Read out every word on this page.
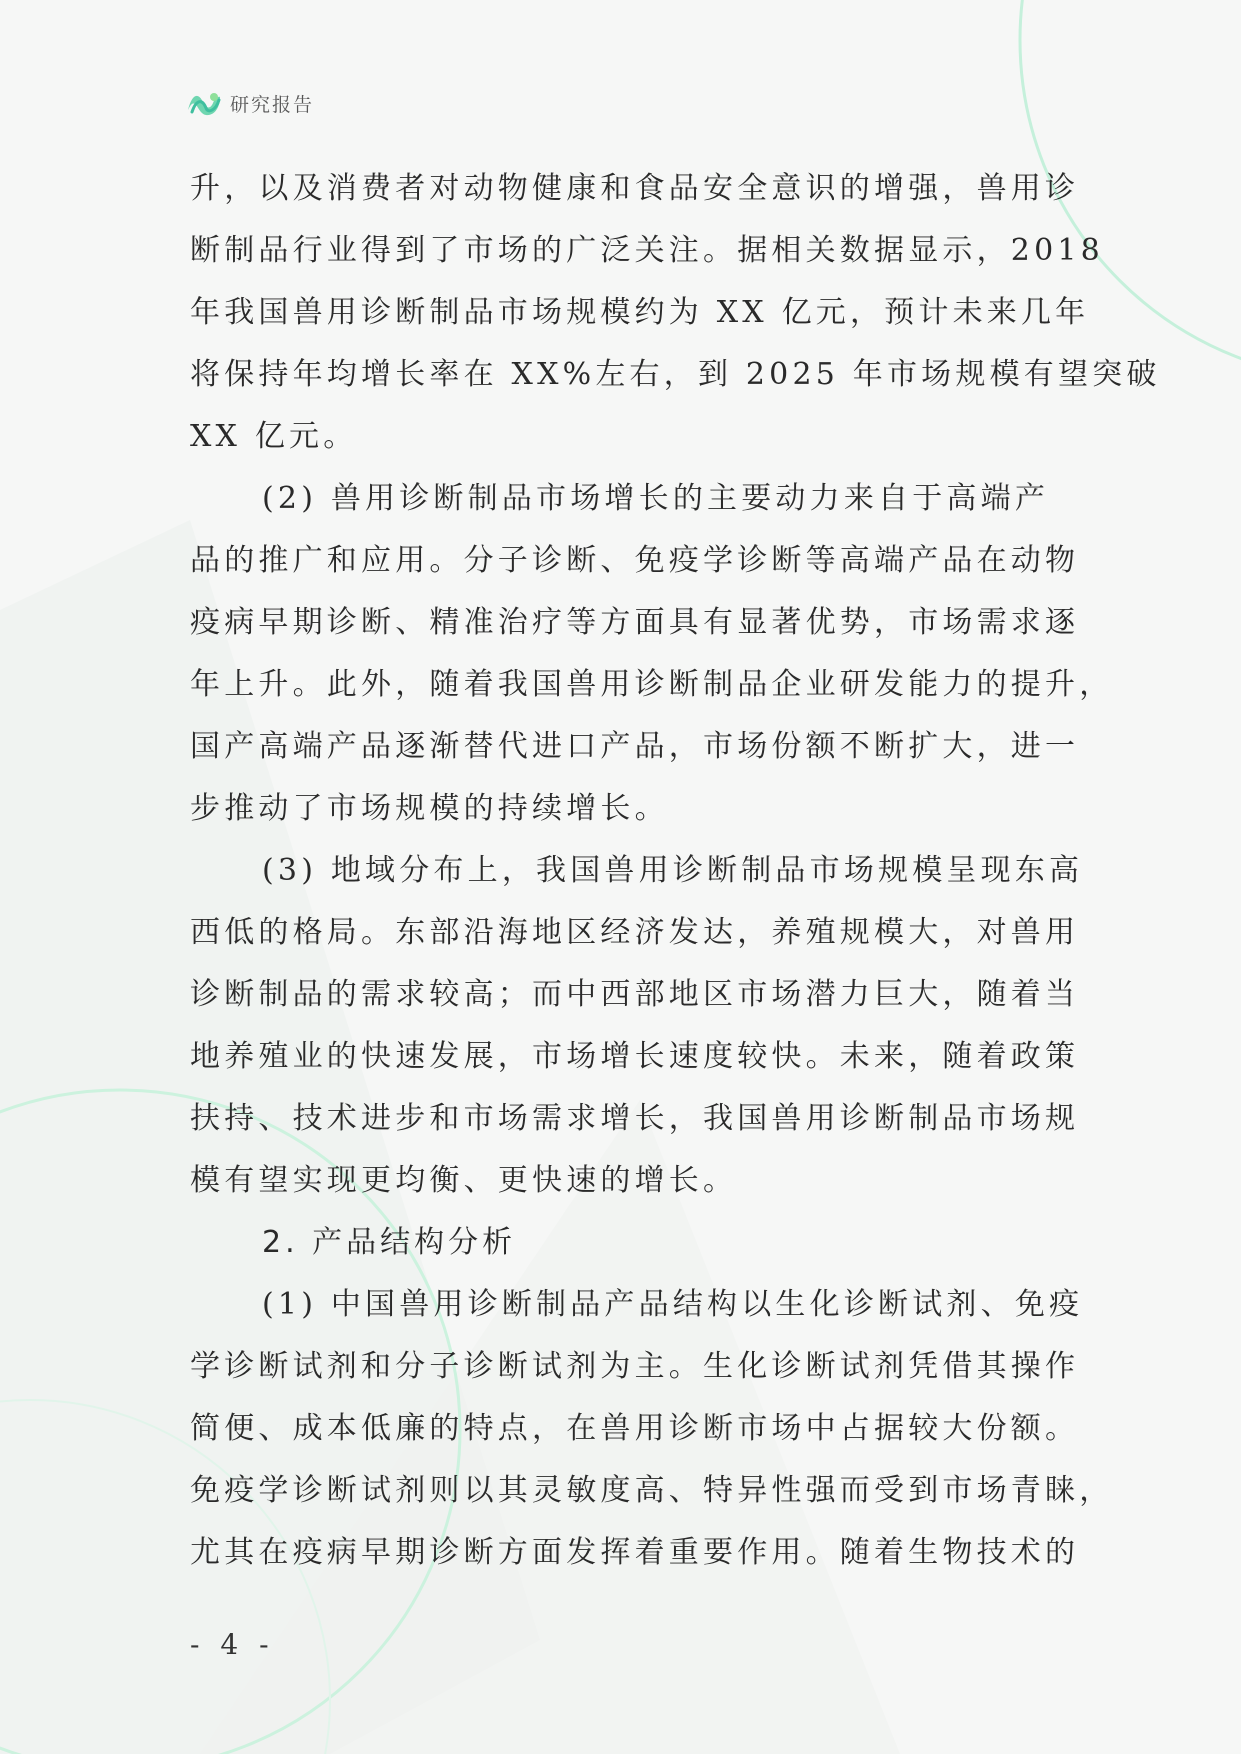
研究报告
升，以及消费者对动物健康和食品安全意识的增强，兽用诊
断制品行业得到了市场的广泛关注。据相关数据显示，2018
年我国兽用诊断制品市场规模约为 XX 亿元，预计未来几年
将保持年均增长率在 XX%左右，到 2025 年市场规模有望突破
XX 亿元。
(2) 兽用诊断制品市场增长的主要动力来自于高端产
品的推广和应用。分子诊断、免疫学诊断等高端产品在动物
疫病早期诊断、精准治疗等方面具有显著优势，市场需求逐
年上升。此外，随着我国兽用诊断制品企业研发能力的提升，
国产高端产品逐渐替代进口产品，市场份额不断扩大，进一
步推动了市场规模的持续增长。
(3) 地域分布上，我国兽用诊断制品市场规模呈现东高
西低的格局。东部沿海地区经济发达，养殖规模大，对兽用
诊断制品的需求较高；而中西部地区市场潜力巨大，随着当
地养殖业的快速发展，市场增长速度较快。未来，随着政策
扶持、技术进步和市场需求增长，我国兽用诊断制品市场规
模有望实现更均衡、更快速的增长。
2. 产品结构分析
(1) 中国兽用诊断制品产品结构以生化诊断试剂、免疫
学诊断试剂和分子诊断试剂为主。生化诊断试剂凭借其操作
简便、成本低廉的特点，在兽用诊断市场中占据较大份额。
免疫学诊断试剂则以其灵敏度高、特异性强而受到市场青睐，
尤其在疫病早期诊断方面发挥着重要作用。随着生物技术的
- 4 -
